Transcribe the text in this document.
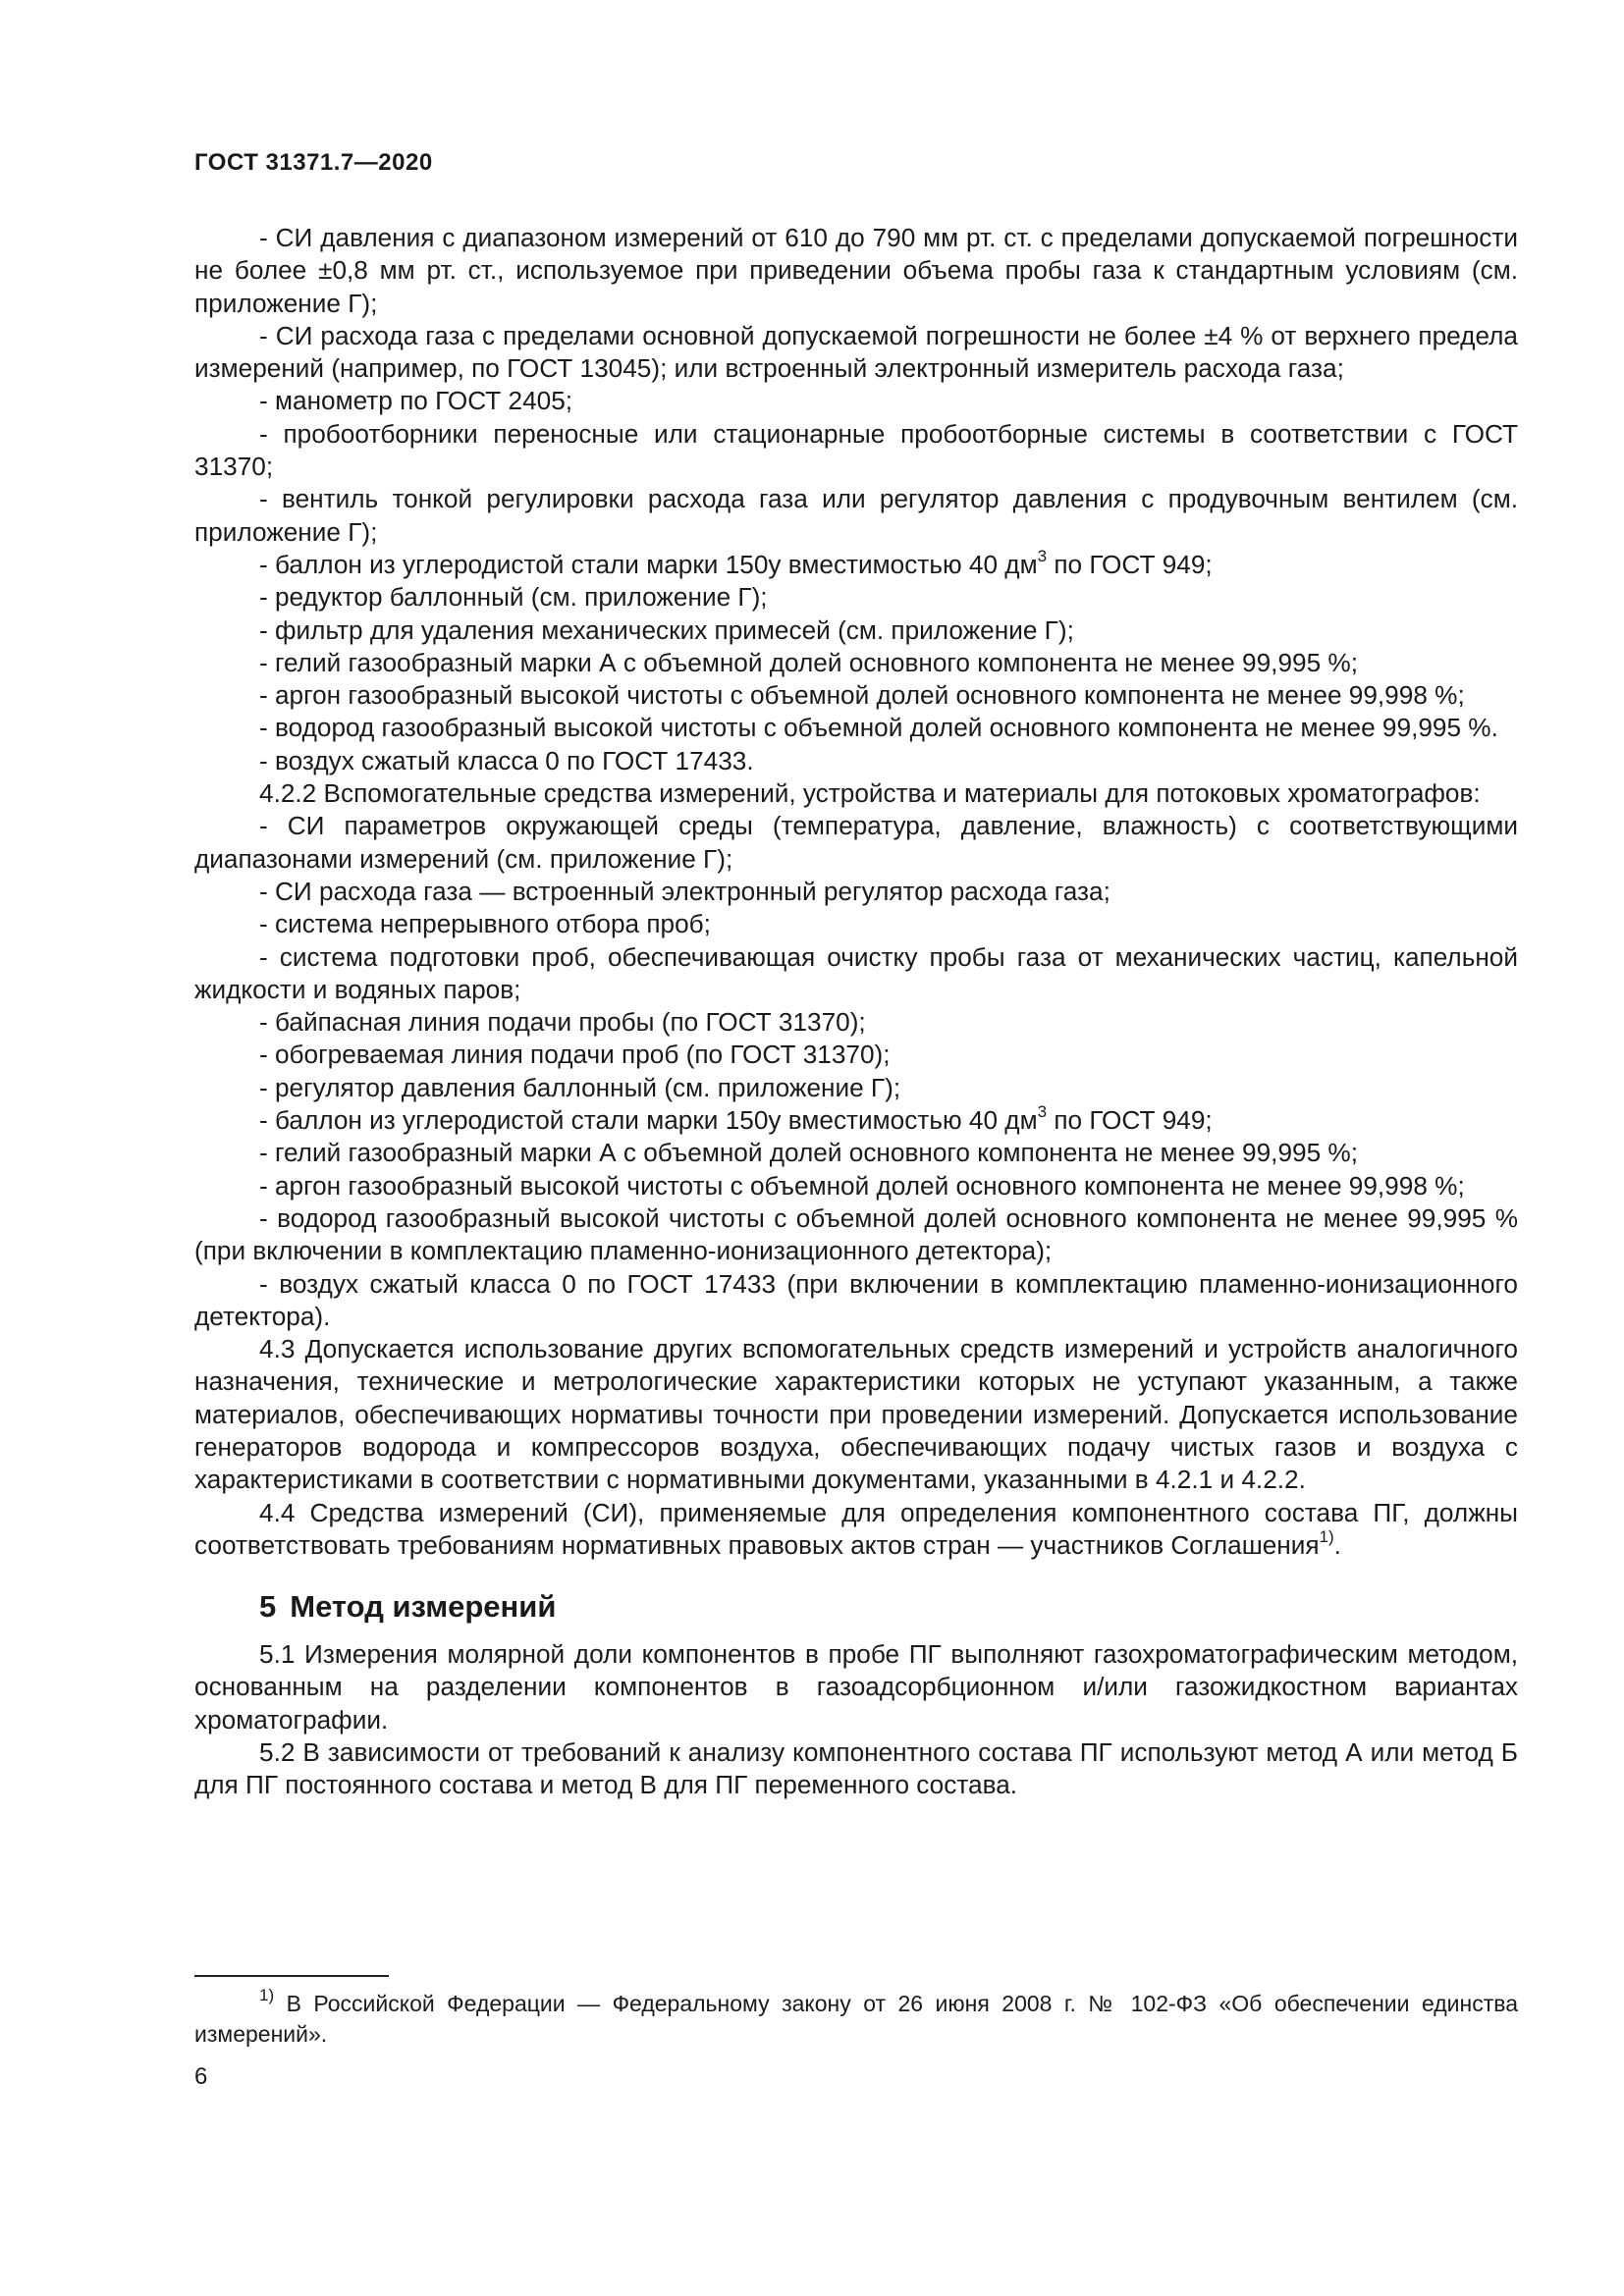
ГОСТ 31371.7—2020

- СИ давления с диапазоном измерений от 610 до 790 мм рт. ст. с пределами допускаемой погрешности не более ±0,8 мм рт. ст., используемое при приведении объема пробы газа к стандартным условиям (см. приложение Г);

- СИ расхода газа с пределами основной допускаемой погрешности не более ±4 % от верхнего предела измерений (например, по ГОСТ 13045); или встроенный электронный измеритель расхода газа;

- манометр по ГОСТ 2405;

- пробоотборники переносные или стационарные пробоотборные системы в соответствии с ГОСТ 31370;

- вентиль тонкой регулировки расхода газа или регулятор давления с продувочным вентилем (см. приложение Г);

- баллон из углеродистой стали марки 150у вместимостью 40 $дм^3$ по ГОСТ 949;

- редуктор баллонный (см. приложение Г);

- фильтр для удаления механических примесей (см. приложение Г);

- гелий газообразный марки А с объемной долей основного компонента не менее 99,995 %;

- аргон газообразный высокой чистоты с объемной долей основного компонента не менее 99,998 %;

- водород газообразный высокой чистоты с объемной долей основного компонента не менее 99,995 %.

- воздух сжатый класса 0 по ГОСТ 17433.

4.2.2 Вспомогательные средства измерений, устройства и материалы для потоковых хроматографов:

- СИ параметров окружающей среды (температура, давление, влажность) с соответствующими диапазонами измерений (см. приложение Г);

- СИ расхода газа — встроенный электронный регулятор расхода газа;

- система непрерывного отбора проб;

- система подготовки проб, обеспечивающая очистку пробы газа от механических частиц, капельной жидкости и водяных паров;

- байпасная линия подачи пробы (по ГОСТ 31370);

- обогреваемая линия подачи проб (по ГОСТ 31370);

- регулятор давления баллонный (см. приложение Г);

- баллон из углеродистой стали марки 150у вместимостью 40 $дм^3$ по ГОСТ 949;

- гелий газообразный марки А с объемной долей основного компонента не менее 99,995 %;

- аргон газообразный высокой чистоты с объемной долей основного компонента не менее 99,998 %;

- водород газообразный высокой чистоты с объемной долей основного компонента не менее 99,995 % (при включении в комплектацию пламенно-ионизационного детектора);

- воздух сжатый класса 0 по ГОСТ 17433 (при включении в комплектацию пламенно-ионизационного детектора).

4.3 Допускается использование других вспомогательных средств измерений и устройств аналогичного назначения, технические и метрологические характеристики которых не уступают указанным, а также материалов, обеспечивающих нормативы точности при проведении измерений. Допускается использование генераторов водорода и компрессоров воздуха, обеспечивающих подачу чистых газов и воздуха с характеристиками в соответствии с нормативными документами, указанными в 4.2.1 и 4.2.2.

4.4 Средства измерений (СИ), применяемые для определения компонентного состава ПГ, должны соответствовать требованиям нормативных правовых актов стран — участников Соглашения$^{1)}$.

5 Метод измерений

5.1 Измерения молярной доли компонентов в пробе ПГ выполняют газохроматографическим методом, основанным на разделении компонентов в газоадсорбционном и/или газожидкостном вариантах хроматографии.

5.2 В зависимости от требований к анализу компонентного состава ПГ используют метод А или метод Б для ПГ постоянного состава и метод В для ПГ переменного состава.

$^{1)}$ В Российской Федерации — Федеральному закону от 26 июня 2008 г. № 102-ФЗ «Об обеспечении единства измерений».
6
